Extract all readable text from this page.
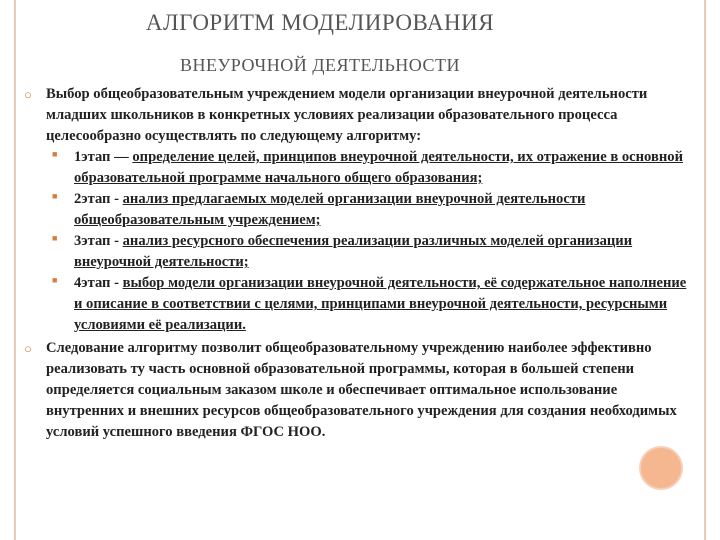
АЛГОРИТМ МОДЕЛИРОВАНИЯ
ВНЕУРОЧНОЙ ДЕЯТЕЛЬНОСТИ
○ Выбор общеобразовательным учреждением модели организации внеурочной деятельности младших школьников в конкретных условиях реализации образовательного процесса целесообразно осуществлять по следующему алгоритму:
■ 1этап — определение целей, принципов внеурочной деятельности, их отражение в основной образовательной программе начального общего образования;
■ 2этап - анализ предлагаемых моделей организации внеурочной деятельности общеобразовательным учреждением;
■ 3этап - анализ ресурсного обеспечения реализации различных моделей организации внеурочной деятельности;
■ 4этап - выбор модели организации внеурочной деятельности, её содержательное наполнение и описание в соответствии с целями, принципами внеурочной деятельности, ресурсными условиями её реализации.
○ Следование алгоритму позволит общеобразовательному учреждению наиболее эффективно реализовать ту часть основной образовательной программы, которая в большей степени определяется социальным заказом школе и обеспечивает оптимальное использование внутренних и внешних ресурсов общеобразовательного учреждения для создания необходимых условий успешного введения ФГОС НОО.
